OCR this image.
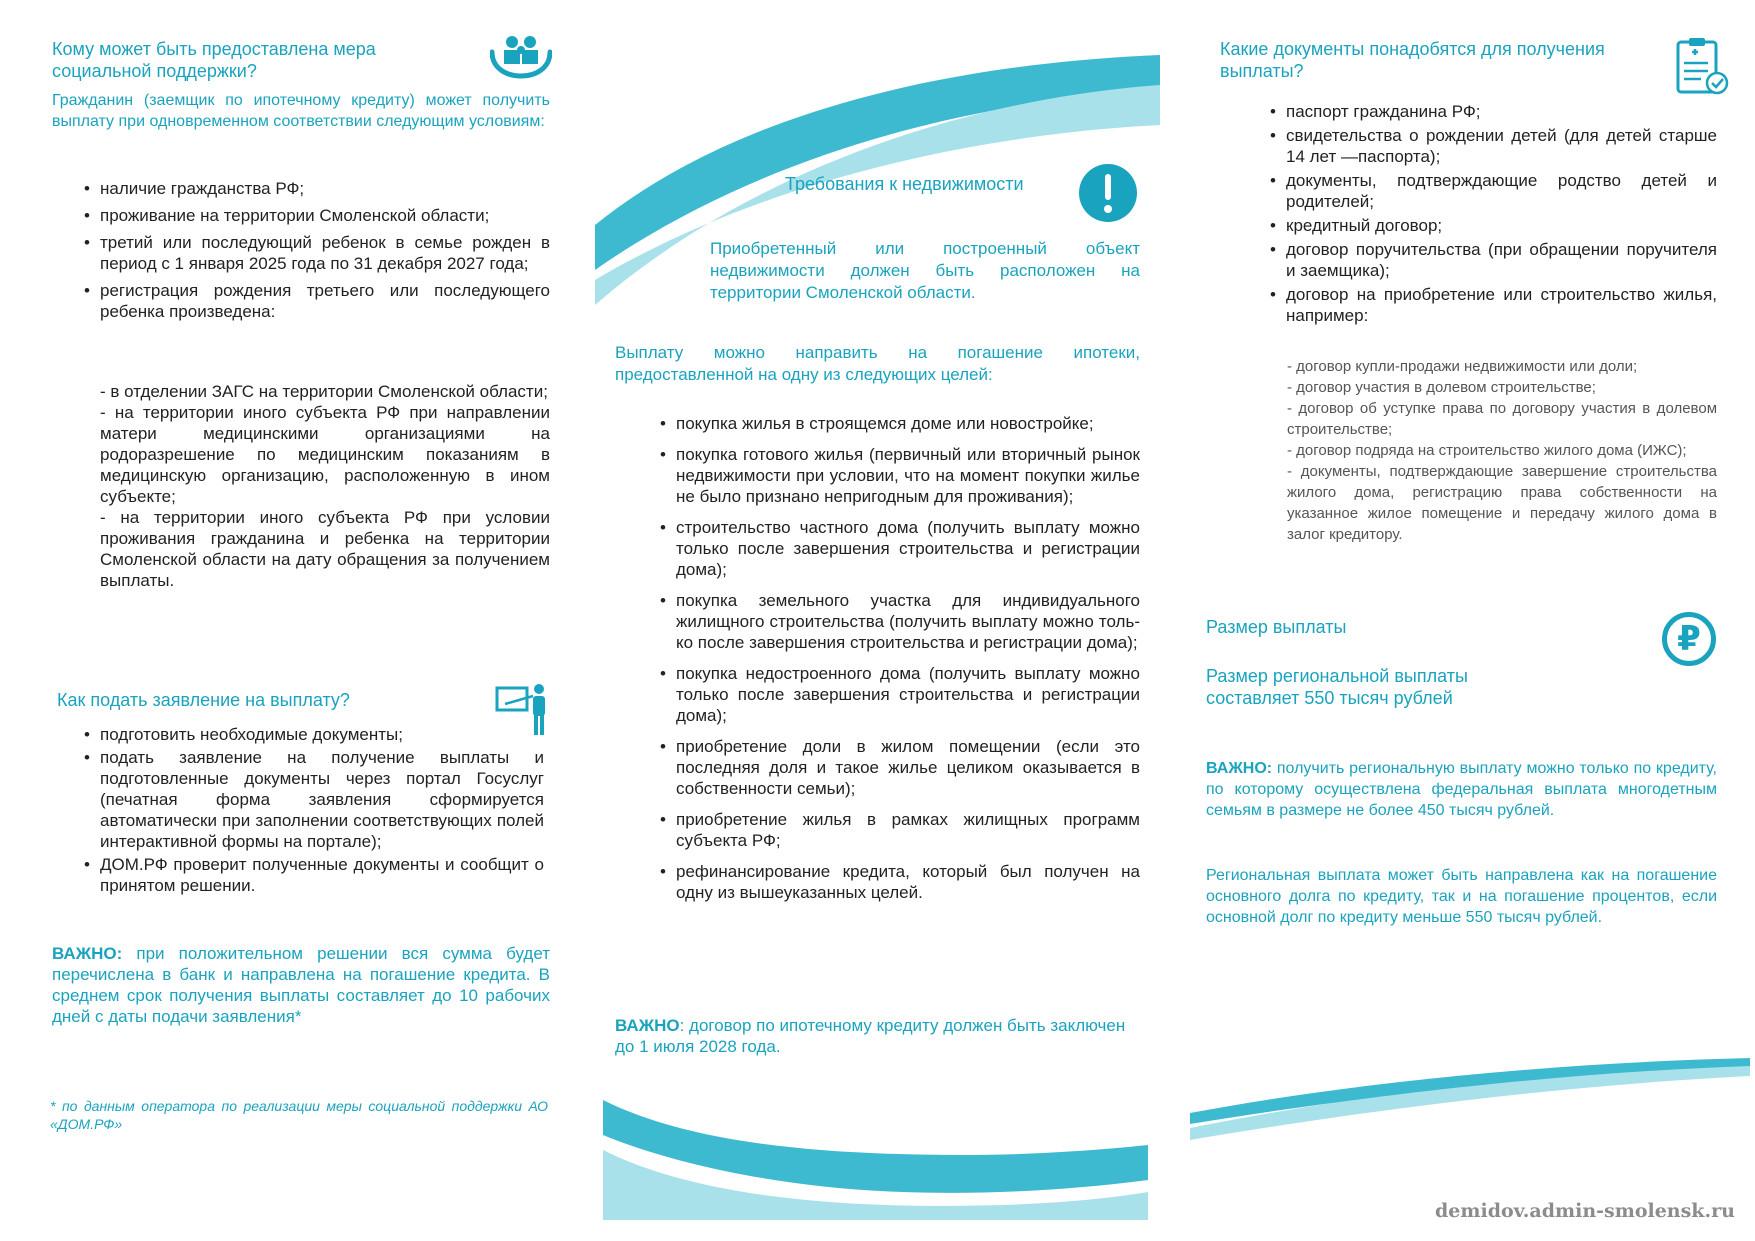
Кому может быть предоставлена мера социальной поддержки?

Гражданин (заемщик по ипотечному кредиту) может получить выплату при одновременном соответствии следующим условиям:

• наличие гражданства РФ;
• проживание на территории Смоленской области;
• третий или последующий ребенок в семье рожден в период с 1 января 2025 года по 31 декабря 2027 года;
• регистрация рождения третьего или последующего ребенка произведена:

- в отделении ЗАГС на территории Смоленской области;

- на территории иного субъекта РФ при направлении матери медицинскими организациями на родоразрешение по медицинским показаниям в медицинскую организацию, расположенную в ином субъекте;

- на территории иного субъекта РФ при условии проживания гражданина и ребенка на территории Смоленской области на дату обращения за получением выплаты.

Как подать заявление на выплату?
• подготовить необходимые документы;
• подать заявление на получение выплаты и подготовленные документы через портал Госуслуг (печатная форма заявления сформируется автоматически при заполнении соответствующих полей интерактивной формы на портале);
• ДОМ.РФ проверит полученные документы и сообщит о принятом решении.

ВАЖНО: при положительном решении вся сумма будет перечислена в банк и направлена на погашение кредита. В среднем срок получения выплаты составляет до 10 рабочих дней с даты подачи заявления*

* по данным оператора по реализации меры социальной поддержки АО «ДОМ.РФ»

Требования к недвижимости

Приобретенный или построенный объект недвижимости должен быть расположен на территории Смоленской области.

Выплату можно направить на погашение ипотеки, предоставленной на одну из следующих целей:

• покупка жилья в строящемся доме или новостройке;
• покупка готового жилья (первичный или вторичный рынок недвижимости при условии, что на момент покупки жилье не было признано непригодным для проживания);
• строительство частного дома (получить выплату можно только после завершения строительства и регистрации дома);
• покупка земельного участка для индивидуального жилищного строительства (получить выплату можно толь-ко после завершения строительства и регистрации дома);
• покупка недостроенного дома (получить выплату можно только после завершения строительства и регистрации дома);
• приобретение доли в жилом помещении (если это последняя доля и такое жилье целиком оказывается в собственности семьи);
• приобретение жилья в рамках жилищных программ субъекта РФ;
• рефинансирование кредита, который был получен на одну из вышеуказанных целей.

ВАЖНО: договор по ипотечному кредиту должен быть заключен до 1 июля 2028 года.

Какие документы понадобятся для получения выплаты?
• паспорт гражданина РФ;
• свидетельства о рождении детей (для детей старше 14 лет —паспорта);
• документы, подтверждающие родство детей и родителей;
• кредитный договор;
• договор поручительства (при обращении поручителя и заемщика);
• договор на приобретение или строительство жилья, например:

- договор купли-продажи недвижимости или доли;

- договор участия в долевом строительстве;

- договор об уступке права по договору участия в долевом строительстве;

- договор подряда на строительство жилого дома (ИЖС);

- документы, подтверждающие завершение строительства жилого дома, регистрацию права собственности на указанное жилое помещение и передачу жилого дома в залог кредитору.

Размер выплаты	₽
Размер региональной выплаты составляет 550 тысяч рублей

ВАЖНО: получить региональную выплату можно только по кредиту, по которому осуществлена федеральная выплата многодетным семьям в размере не более 450 тысяч рублей.

Региональная выплата может быть направлена как на погашение основного долга по кредиту, так и на погашение процентов, если основной долг по кредиту меньше 550 тысяч рублей.

demidov.admin-smolensk.ru
